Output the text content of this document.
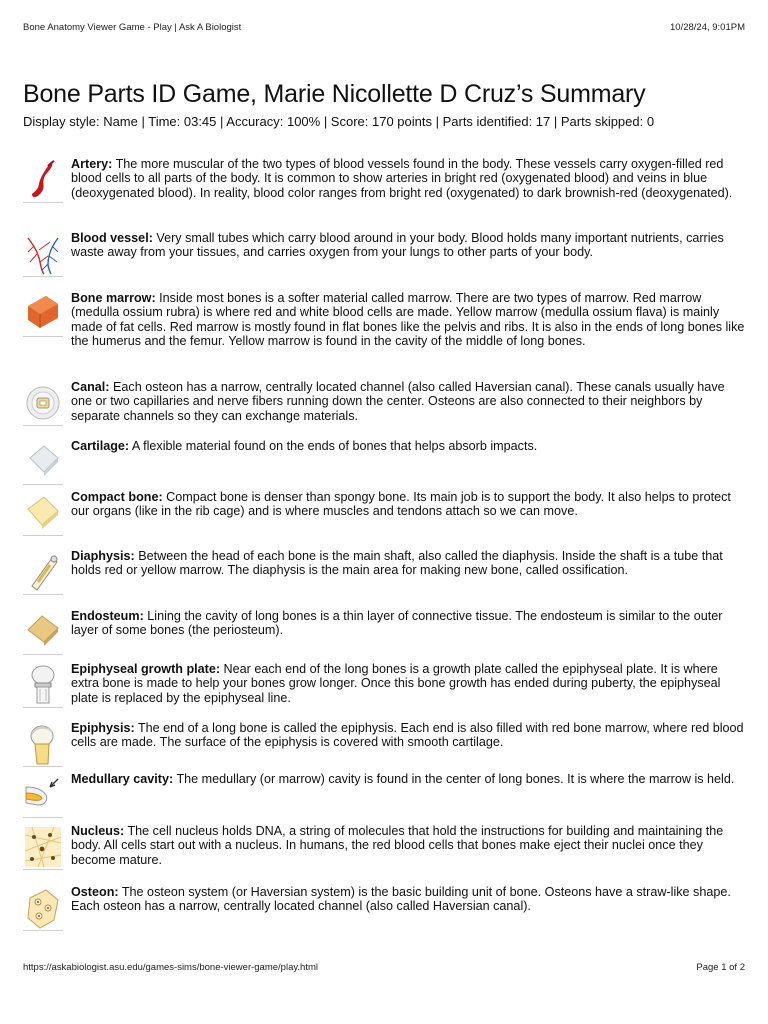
Bone Anatomy Viewer Game - Play | Ask A Biologist	10/28/24, 9:01PM
Bone Parts ID Game, Marie Nicollette D Cruz’s Summary
Display style: Name | Time: 03:45 | Accuracy: 100% | Score: 170 points | Parts identified: 17 | Parts skipped: 0
Artery: The more muscular of the two types of blood vessels found in the body. These vessels carry oxygen-filled red blood cells to all parts of the body. It is common to show arteries in bright red (oxygenated blood) and veins in blue (deoxygenated blood). In reality, blood color ranges from bright red (oxygenated) to dark brownish-red (deoxygenated).
Blood vessel: Very small tubes which carry blood around in your body. Blood holds many important nutrients, carries waste away from your tissues, and carries oxygen from your lungs to other parts of your body.
Bone marrow: Inside most bones is a softer material called marrow. There are two types of marrow. Red marrow (medulla ossium rubra) is where red and white blood cells are made. Yellow marrow (medulla ossium flava) is mainly made of fat cells. Red marrow is mostly found in flat bones like the pelvis and ribs. It is also in the ends of long bones like the humerus and the femur. Yellow marrow is found in the cavity of the middle of long bones.
Canal: Each osteon has a narrow, centrally located channel (also called Haversian canal). These canals usually have one or two capillaries and nerve fibers running down the center. Osteons are also connected to their neighbors by separate channels so they can exchange materials.
Cartilage: A flexible material found on the ends of bones that helps absorb impacts.
Compact bone: Compact bone is denser than spongy bone. Its main job is to support the body. It also helps to protect our organs (like in the rib cage) and is where muscles and tendons attach so we can move.
Diaphysis: Between the head of each bone is the main shaft, also called the diaphysis. Inside the shaft is a tube that holds red or yellow marrow. The diaphysis is the main area for making new bone, called ossification.
Endosteum: Lining the cavity of long bones is a thin layer of connective tissue. The endosteum is similar to the outer layer of some bones (the periosteum).
Epiphyseal growth plate: Near each end of the long bones is a growth plate called the epiphyseal plate. It is where extra bone is made to help your bones grow longer. Once this bone growth has ended during puberty, the epiphyseal plate is replaced by the epiphyseal line.
Epiphysis: The end of a long bone is called the epiphysis. Each end is also filled with red bone marrow, where red blood cells are made. The surface of the epiphysis is covered with smooth cartilage.
Medullary cavity: The medullary (or marrow) cavity is found in the center of long bones. It is where the marrow is held.
Nucleus: The cell nucleus holds DNA, a string of molecules that hold the instructions for building and maintaining the body. All cells start out with a nucleus. In humans, the red blood cells that bones make eject their nuclei once they become mature.
Osteon: The osteon system (or Haversian system) is the basic building unit of bone. Osteons have a straw-like shape. Each osteon has a narrow, centrally located channel (also called Haversian canal).
https://askabiologist.asu.edu/games-sims/bone-viewer-game/play.html	Page 1 of 2
